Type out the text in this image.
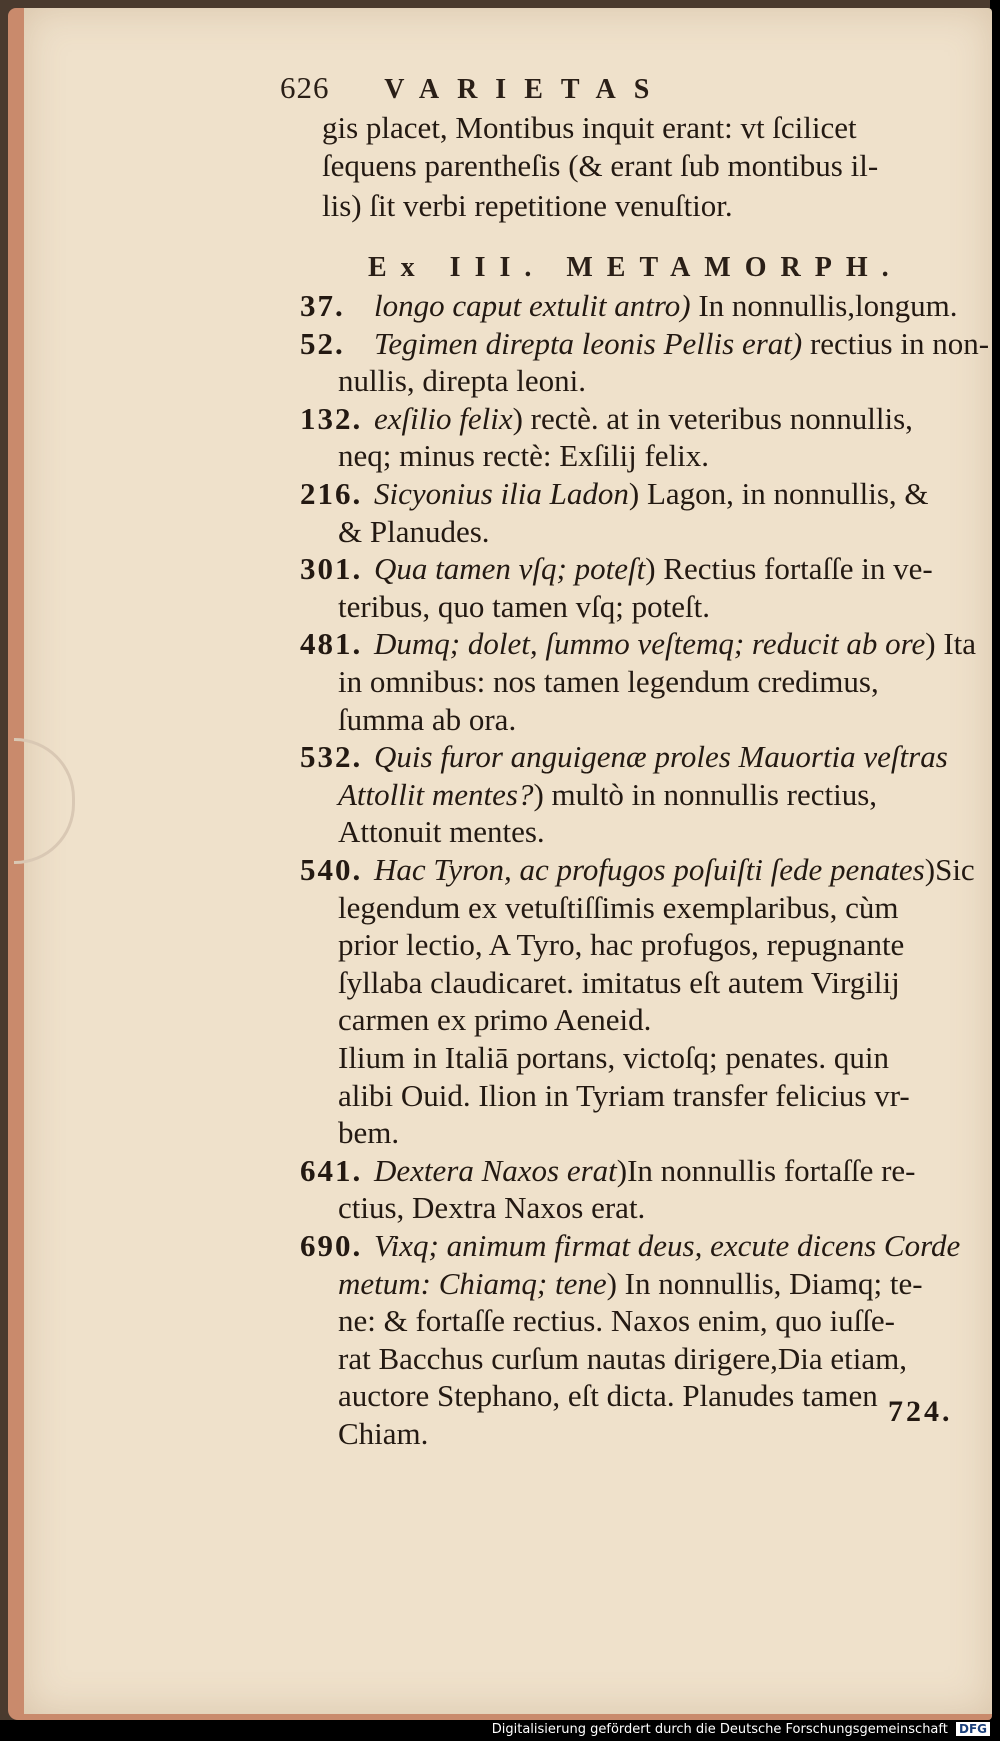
626 VARIETAS
gis placet, Montibus inquit erant: vt ſcilicet
ſequens parentheſis (& erant ſub montibus il-
lis) ſit verbi repetitione venuſtior.
Ex III. METAMORPH.
37. longo caput extulit antro) In nonnullis,longum.
52. Tegimen direpta leonis Pellis erat) rectius in non-
nullis, direpta leoni.
132. exſilio felix) rectè. at in veteribus nonnullis,
neq; minus rectè: Exſilij felix.
216. Sicyonius ilia Ladon) Lagon, in nonnullis, &
& Planudes.
301. Qua tamen vſq; poteſt) Rectius fortaſſe in ve-
teribus, quo tamen vſq; poteſt.
481. Dumq; dolet, ſummo veſtemq; reducit ab ore) Ita
in omnibus: nos tamen legendum credimus,
ſumma ab ora.
532. Quis furor anguigenæ proles Mauortia veſtras
Attollit mentes?) multò in nonnullis rectius,
Attonuit mentes.
540. Hac Tyron, ac profugos poſuiſti ſede penates)Sic
legendum ex vetuſtiſſimis exemplaribus, cùm
prior lectio, A Tyro, hac profugos, repugnante
ſyllaba claudicaret. imitatus eſt autem Virgilij
carmen ex primo Aeneid.
Ilium in Italiā portans, victoſq; penates. quin
alibi Ouid. Ilion in Tyriam transfer felicius vr-
bem.
641. Dextera Naxos erat)In nonnullis fortaſſe re-
ctius, Dextra Naxos erat.
690. Vixq; animum firmat deus, excute dicens Corde
metum: Chiamq; tene) In nonnullis, Diamq; te-
ne: & fortaſſe rectius. Naxos enim, quo iuſſe-
rat Bacchus curſum nautas dirigere,Dia etiam,
auctore Stephano, eſt dicta. Planudes tamen
Chiam.
724.
Digitalisierung gefördert durch die Deutsche Forschungsgemeinschaft DFG
